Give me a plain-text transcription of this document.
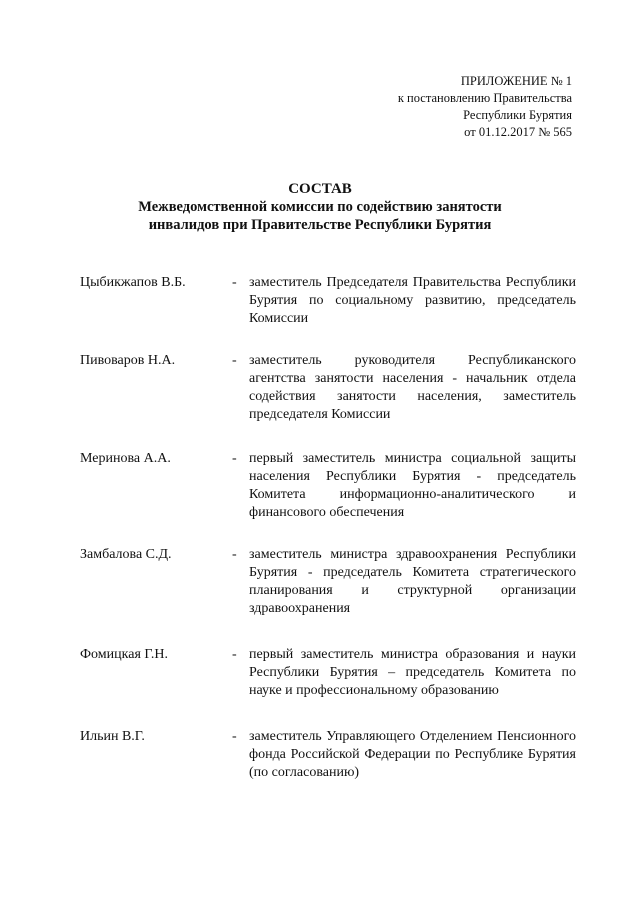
ПРИЛОЖЕНИЕ № 1
к постановлению Правительства
Республики Бурятия
от 01.12.2017 № 565
СОСТАВ
Межведомственной комиссии по содействию занятости
инвалидов при Правительстве Республики Бурятия
Цыбикжапов В.Б.	- заместитель Председателя Правительства Республики Бурятия по социальному развитию, председатель Комиссии
Пивоваров Н.А.	- заместитель руководителя Республиканского агентства занятости населения - начальник отдела содействия занятости населения, заместитель председателя Комиссии
Меринова А.А.	- первый заместитель министра социальной защиты населения Республики Бурятия - председатель Комитета информационно-аналитического и финансового обеспечения
Замбалова С.Д.	- заместитель министра здравоохранения Республики Бурятия - председатель Комитета стратегического планирования и структурной организации здравоохранения
Фомицкая Г.Н.	- первый заместитель министра образования и науки Республики Бурятия – председатель Комитета по науке и профессиональному образованию
Ильин В.Г.	- заместитель Управляющего Отделением Пенсионного фонда Российской Федерации по Республике Бурятия (по согласованию)
